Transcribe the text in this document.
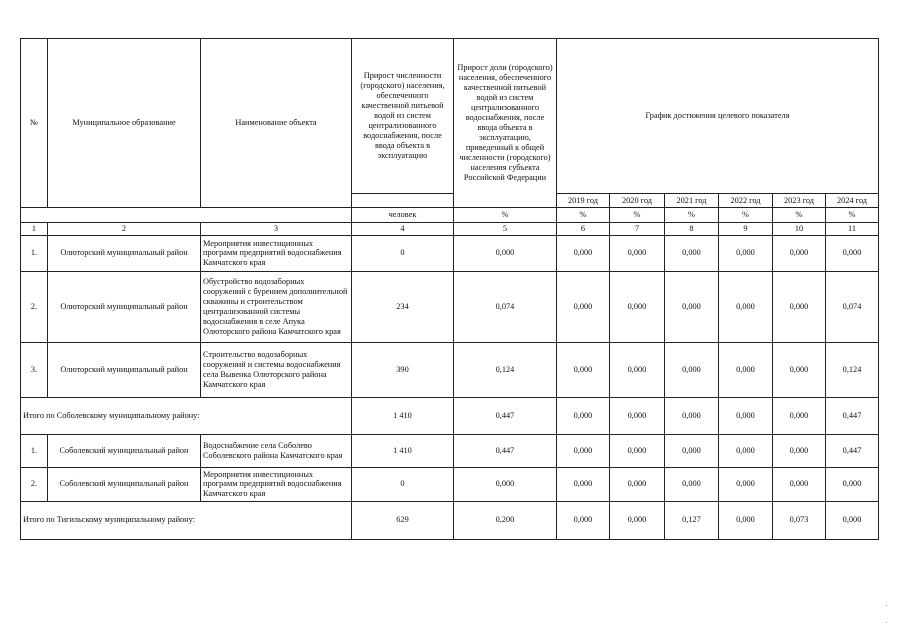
№	Муниципальное образование	Наименование объекта	Прирост численности (городского) населения, обеспеченного качественной питьевой водой из систем централизованного водоснабжения, после ввода объекта в эксплуатацию	Прирост доли (городского) населения, обеспеченного качественной питьевой водой из систем централизованного водоснабжения, после ввода объекта в эксплуатацию, приведенный к общей численности (городского) населения субъекта Российской Федерации	График достижения целевого показателя					
					2019 год	2020 год	2021 год	2022 год	2023 год	2024 год
			человек	%	%	%	%	%	%	%
1	2	3	4	5	6	7	8	9	10	11
1.	Олюторский муниципальный район	Мероприятия инвестиционных программ предприятий водоснабжения Камчатского края	0	0,000	0,000	0,000	0,000	0,000	0,000	0,000
2.	Олюторский муниципальный район	Обустройство водозаборных сооружений с бурением дополнительной скважины и строительством централизованной системы водоснабжения в селе Апука Олюторского района Камчатского края	234	0,074	0,000	0,000	0,000	0,000	0,000	0,074
3.	Олюторский муниципальный район	Строительство водозаборных сооружений и системы водоснабжения села Вывенка Олюторского района Камчатского края	390	0,124	0,000	0,000	0,000	0,000	0,000	0,124
Итого по Соболевскому муниципальному району:			1 410	0,447	0,000	0,000	0,000	0,000	0,000	0,447
1.	Соболевский муниципальный район	Водоснабжение села Соболево Соболевского района Камчатского края	1 410	0,447	0,000	0,000	0,000	0,000	0,000	0,447
2.	Соболевский муниципальный район	Мероприятия инвестиционных программ предприятий водоснабжения Камчатского края	0	0,000	0,000	0,000	0,000	0,000	0,000	0,000
Итого по Тигильскому муниципальному району:			629	0,200	0,000	0,000	0,127	0,000	0,073	0,000
